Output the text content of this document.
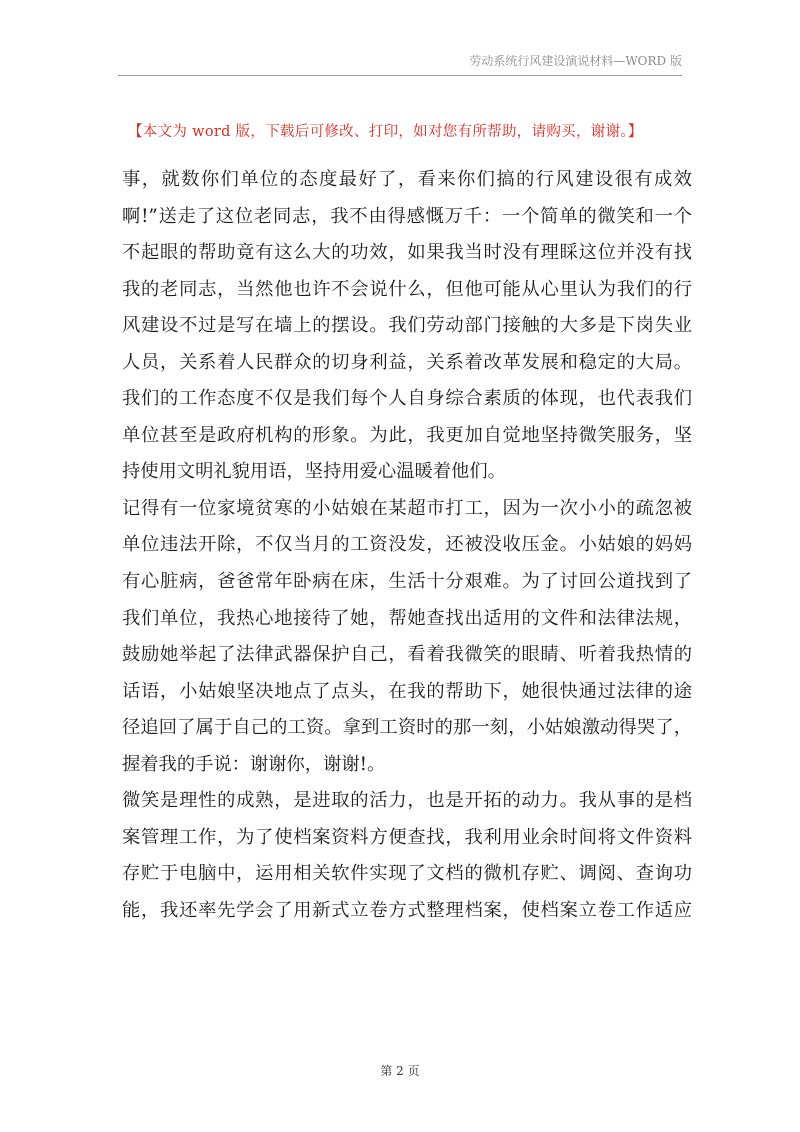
劳动系统行风建设演说材料—WORD 版
【本文为 word 版，下载后可修改、打印，如对您有所帮助，请购买，谢谢。】
事，就数你们单位的态度最好了，看来你们搞的行风建设很有成效
啊!”送走了这位老同志，我不由得感慨万千：一个简单的微笑和一个
不起眼的帮助竟有这么大的功效，如果我当时没有理睬这位并没有找
我的老同志，当然他也许不会说什么，但他可能从心里认为我们的行
风建设不过是写在墙上的摆设。我们劳动部门接触的大多是下岗失业
人员，关系着人民群众的切身利益，关系着改革发展和稳定的大局。
我们的工作态度不仅是我们每个人自身综合素质的体现，也代表我们
单位甚至是政府机构的形象。为此，我更加自觉地坚持微笑服务，坚
持使用文明礼貌用语，坚持用爱心温暖着他们。
记得有一位家境贫寒的小姑娘在某超市打工，因为一次小小的疏忽被
单位违法开除，不仅当月的工资没发，还被没收压金。小姑娘的妈妈
有心脏病，爸爸常年卧病在床，生活十分艰难。为了讨回公道找到了
我们单位，我热心地接待了她，帮她查找出适用的文件和法律法规，
鼓励她举起了法律武器保护自己，看着我微笑的眼睛、听着我热情的
话语，小姑娘坚决地点了点头，在我的帮助下，她很快通过法律的途
径追回了属于自己的工资。拿到工资时的那一刻，小姑娘激动得哭了，
握着我的手说：谢谢你，谢谢!。
微笑是理性的成熟，是进取的活力，也是开拓的动力。我从事的是档
案管理工作，为了使档案资料方便查找，我利用业余时间将文件资料
存贮于电脑中，运用相关软件实现了文档的微机存贮、调阅、查询功
能，我还率先学会了用新式立卷方式整理档案，使档案立卷工作适应
第 2 页
